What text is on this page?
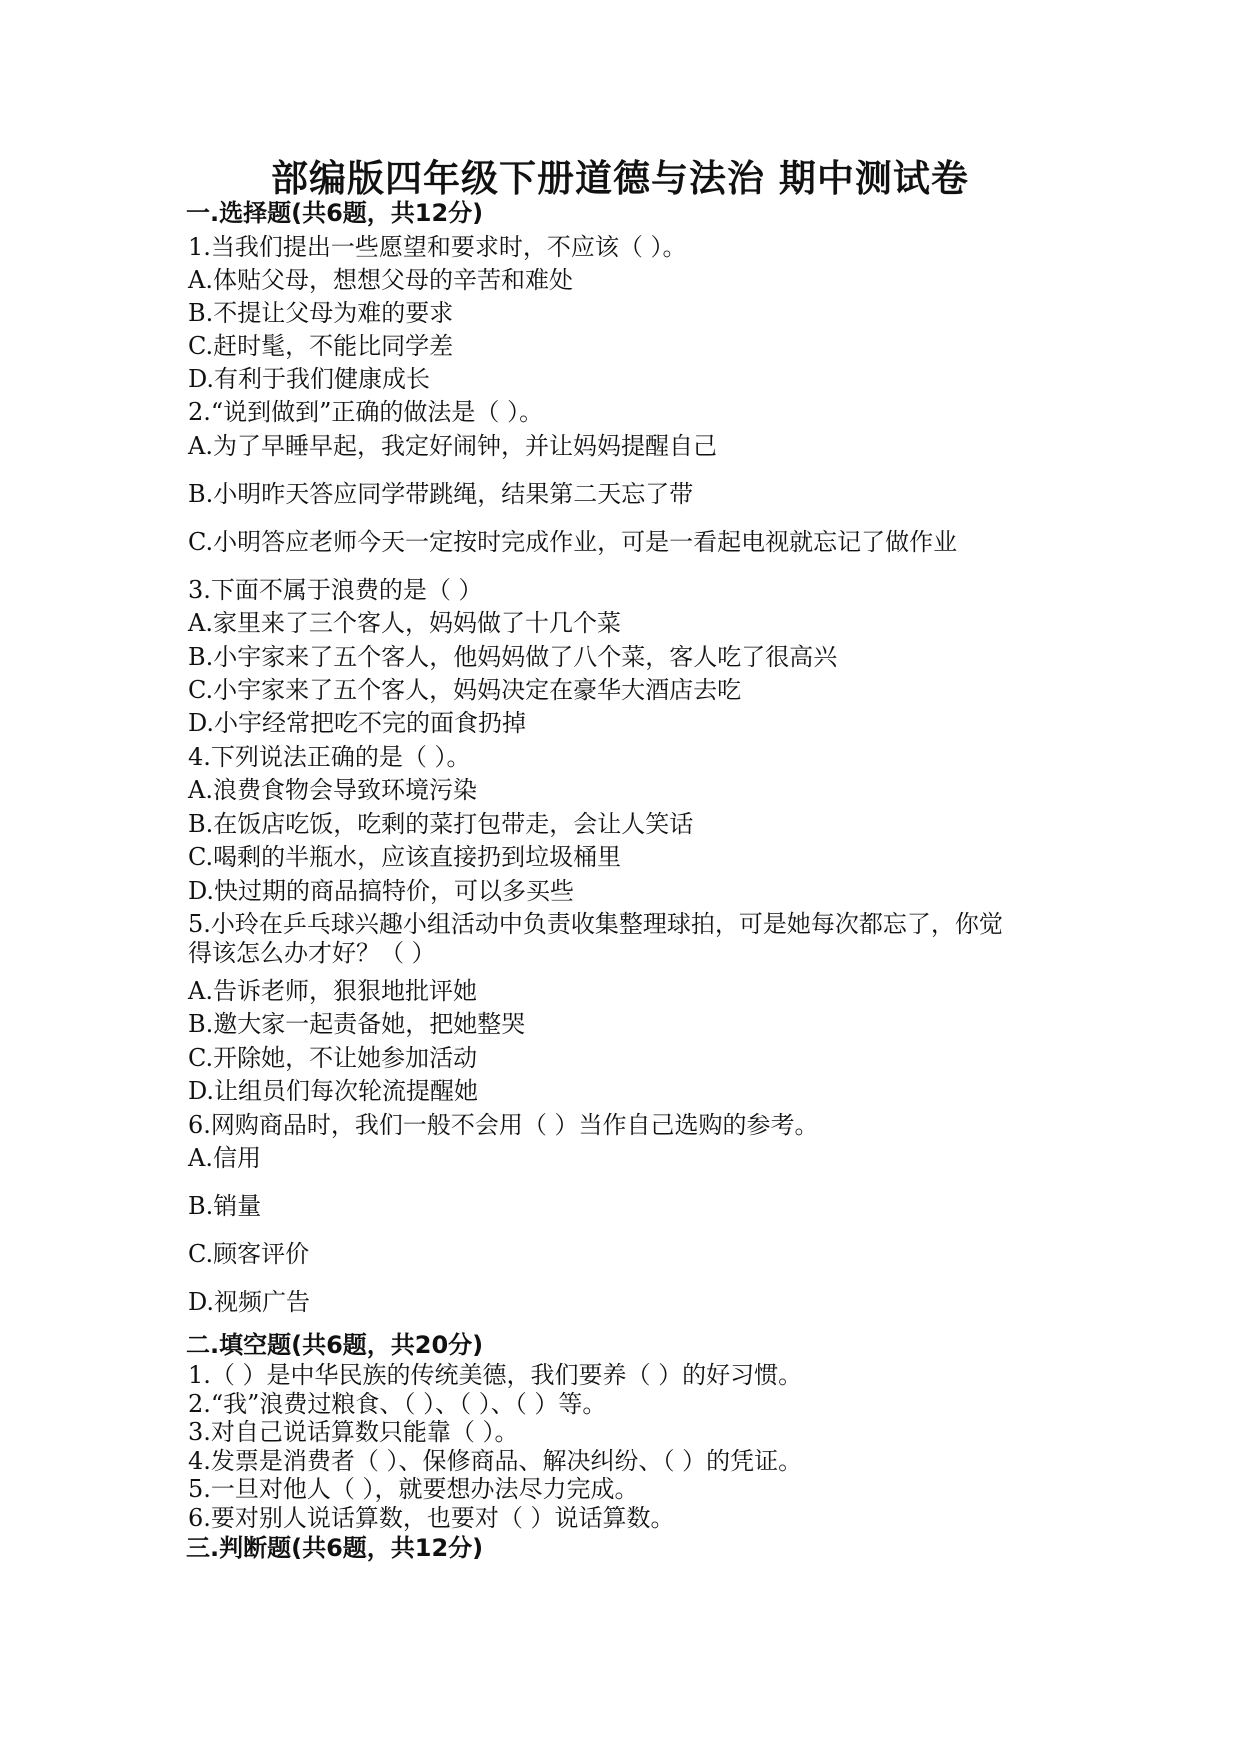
部编版四年级下册道德与法治 期中测试卷
一.选择题(共6题，共12分)
1.当我们提出一些愿望和要求时，不应该（ ）。
A.体贴父母，想想父母的辛苦和难处
B.不提让父母为难的要求
C.赶时髦，不能比同学差
D.有利于我们健康成长
2.“说到做到”正确的做法是（ ）。
A.为了早睡早起，我定好闹钟，并让妈妈提醒自己
B.小明昨天答应同学带跳绳，结果第二天忘了带
C.小明答应老师今天一定按时完成作业，可是一看起电视就忘记了做作业
3.下面不属于浪费的是（ ）
A.家里来了三个客人，妈妈做了十几个菜
B.小宇家来了五个客人，他妈妈做了八个菜，客人吃了很高兴
C.小宇家来了五个客人，妈妈决定在豪华大酒店去吃
D.小宇经常把吃不完的面食扔掉
4.下列说法正确的是（ ）。
A.浪费食物会导致环境污染
B.在饭店吃饭，吃剩的菜打包带走，会让人笑话
C.喝剩的半瓶水，应该直接扔到垃圾桶里
D.快过期的商品搞特价，可以多买些
5.小玲在乒乓球兴趣小组活动中负责收集整理球拍，可是她每次都忘了，你觉
得该怎么办才好？（ ）
A.告诉老师，狠狠地批评她
B.邀大家一起责备她，把她整哭
C.开除她，不让她参加活动
D.让组员们每次轮流提醒她
6.网购商品时，我们一般不会用（ ）当作自己选购的参考。
A.信用
B.销量
C.顾客评价
D.视频广告
二.填空题(共6题，共20分)
1.（ ）是中华民族的传统美德，我们要养（ ）的好习惯。
2.“我”浪费过粮食、（ ）、（ ）、（ ）等。
3.对自己说话算数只能靠（ ）。
4.发票是消费者（ ）、保修商品、解决纠纷、（ ）的凭证。
5.一旦对他人（ ），就要想办法尽力完成。
6.要对别人说话算数，也要对（ ）说话算数。
三.判断题(共6题，共12分)
